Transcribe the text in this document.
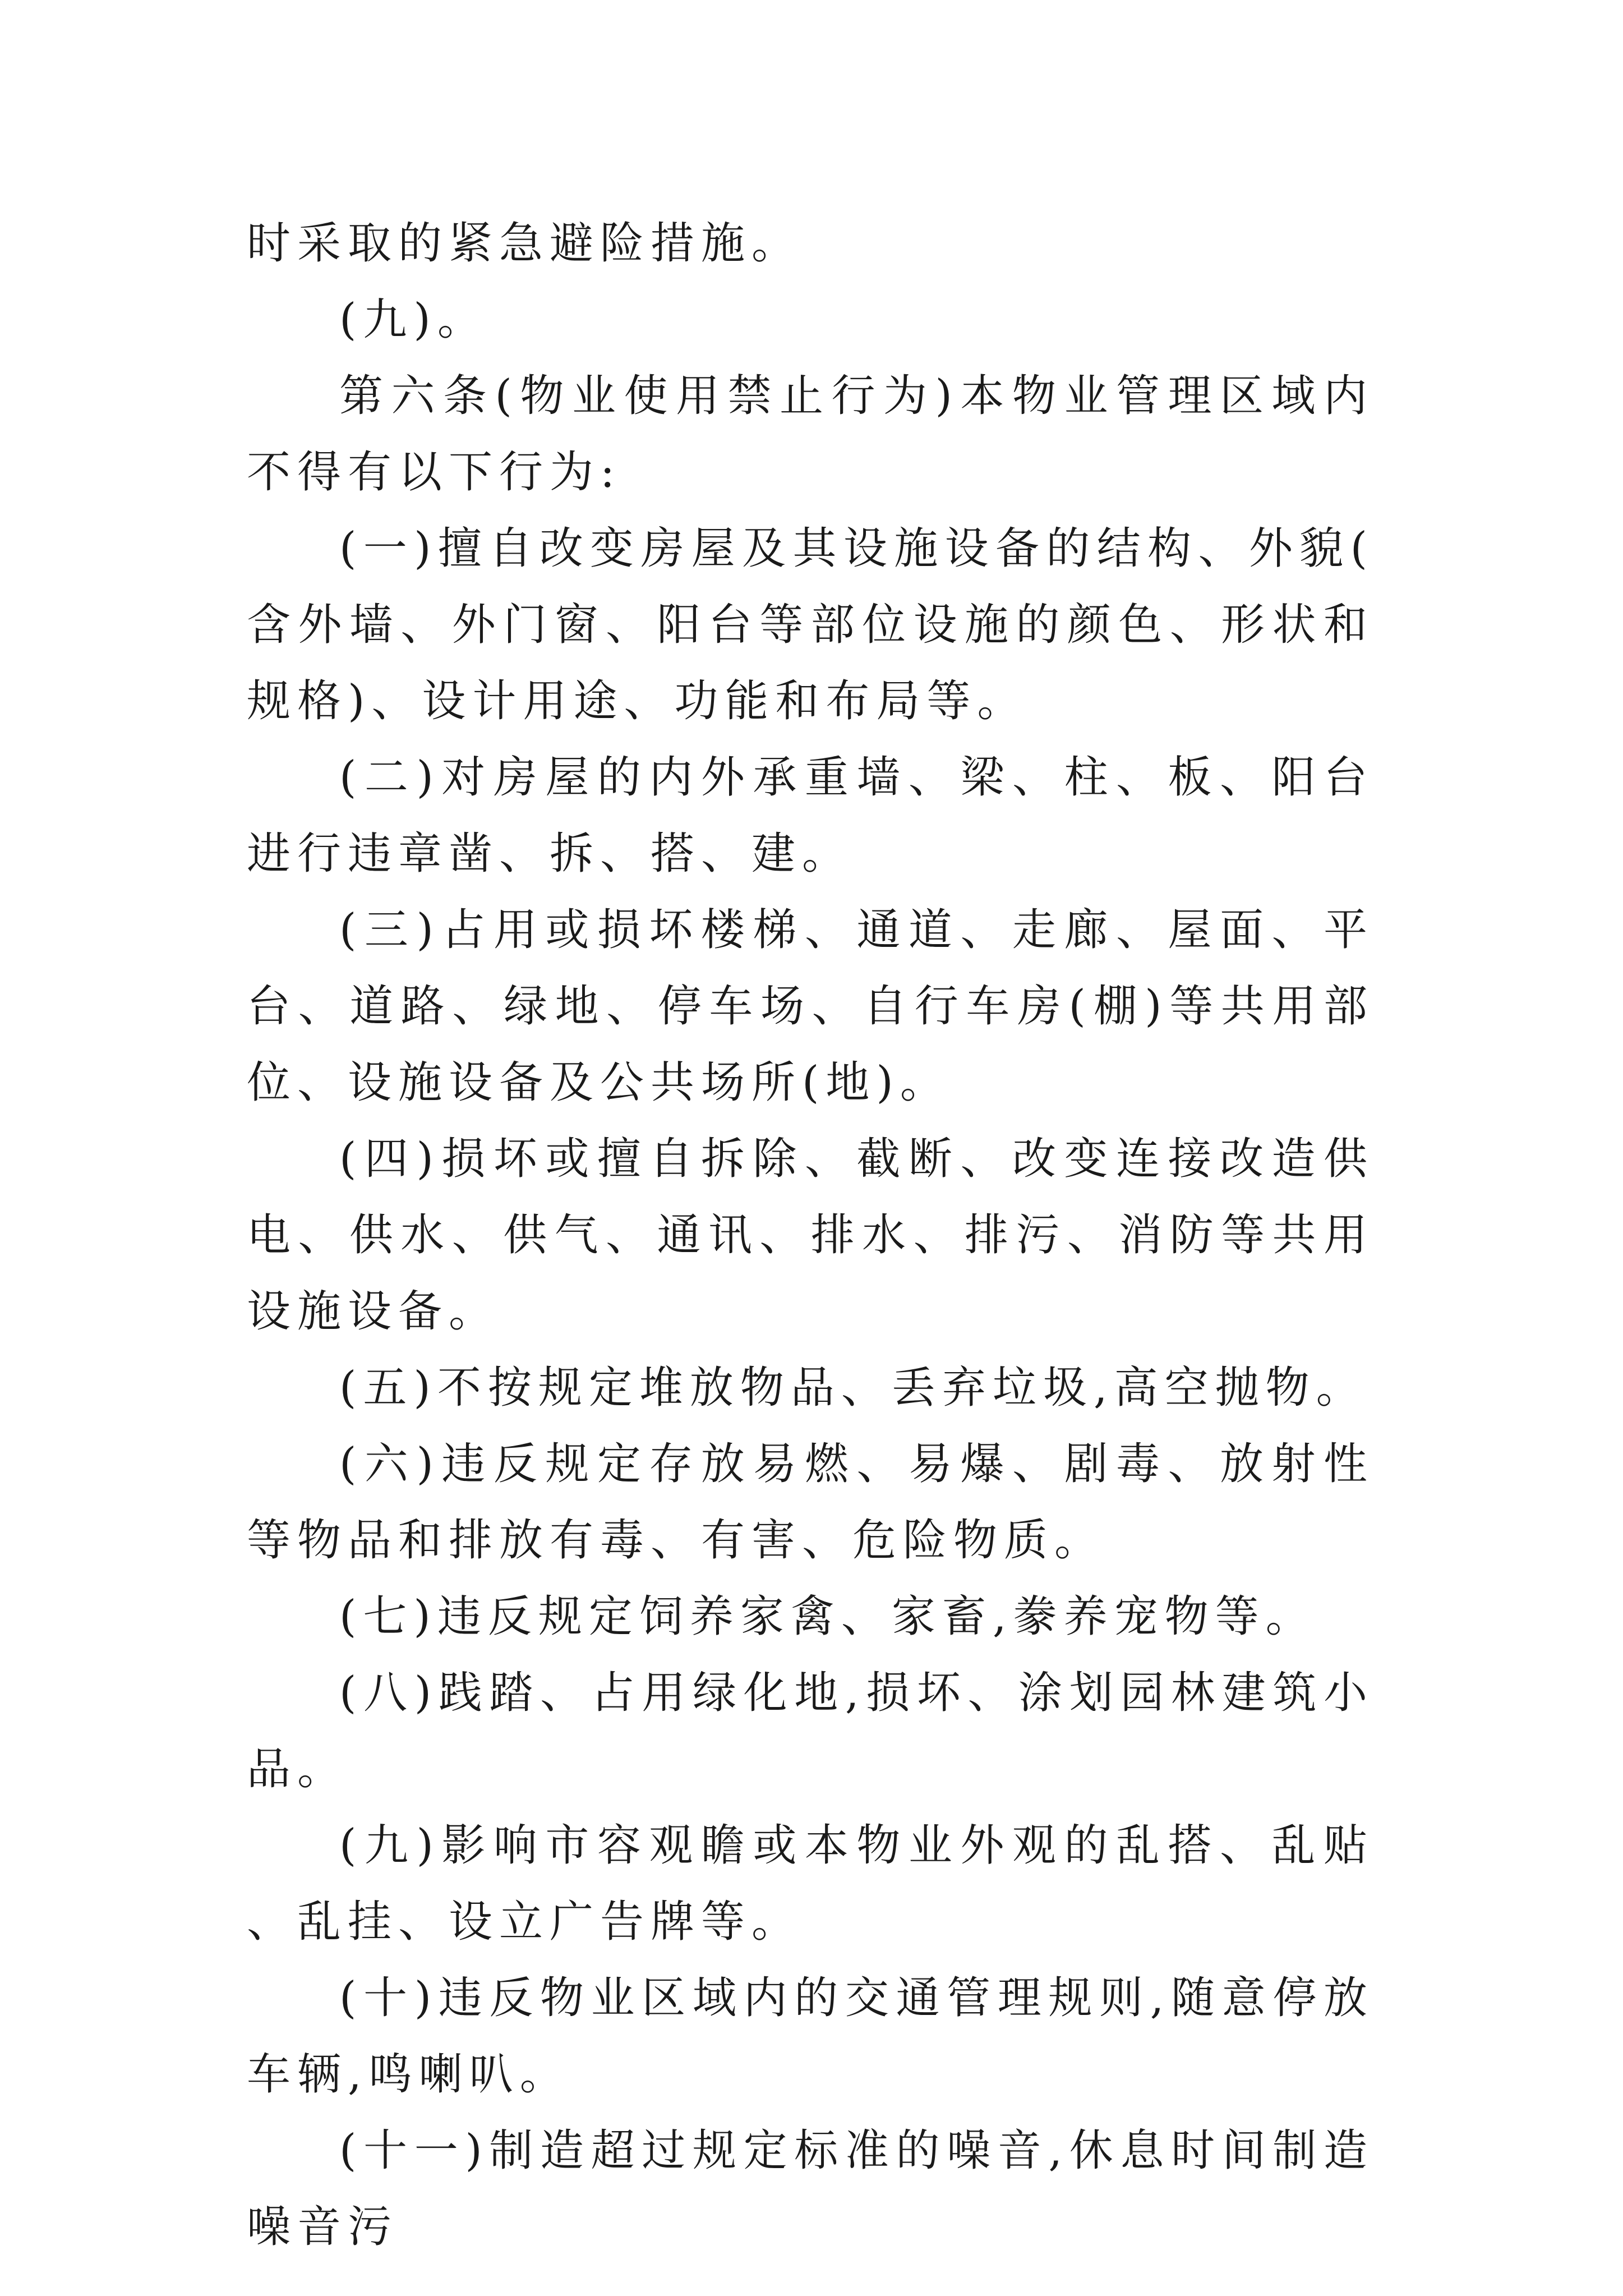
时采取的紧急避险措施。

(九)。

第六条(物业使用禁止行为)本物业管理区域内不得有以下行为:

(一)擅自改变房屋及其设施设备的结构、外貌(含外墙、外门窗、阳台等部位设施的颜色、形状和规格)、设计用途、功能和布局等。

(二)对房屋的内外承重墙、梁、柱、板、阳台进行违章凿、拆、搭、建。

(三)占用或损坏楼梯、通道、走廊、屋面、平台、道路、绿地、停车场、自行车房(棚)等共用部位、设施设备及公共场所(地)。

(四)损坏或擅自拆除、截断、改变连接改造供电、供水、供气、通讯、排水、排污、消防等共用设施设备。

(五)不按规定堆放物品、丢弃垃圾,高空抛物。

(六)违反规定存放易燃、易爆、剧毒、放射性等物品和排放有毒、有害、危险物质。

(七)违反规定饲养家禽、家畜,豢养宠物等。

(八)践踏、占用绿化地,损坏、涂划园林建筑小品。

(九)影响市容观瞻或本物业外观的乱搭、乱贴、乱挂、设立广告牌等。

(十)违反物业区域内的交通管理规则,随意停放车辆,鸣喇叭。

(十一)制造超过规定标准的噪音,休息时间制造噪音污
